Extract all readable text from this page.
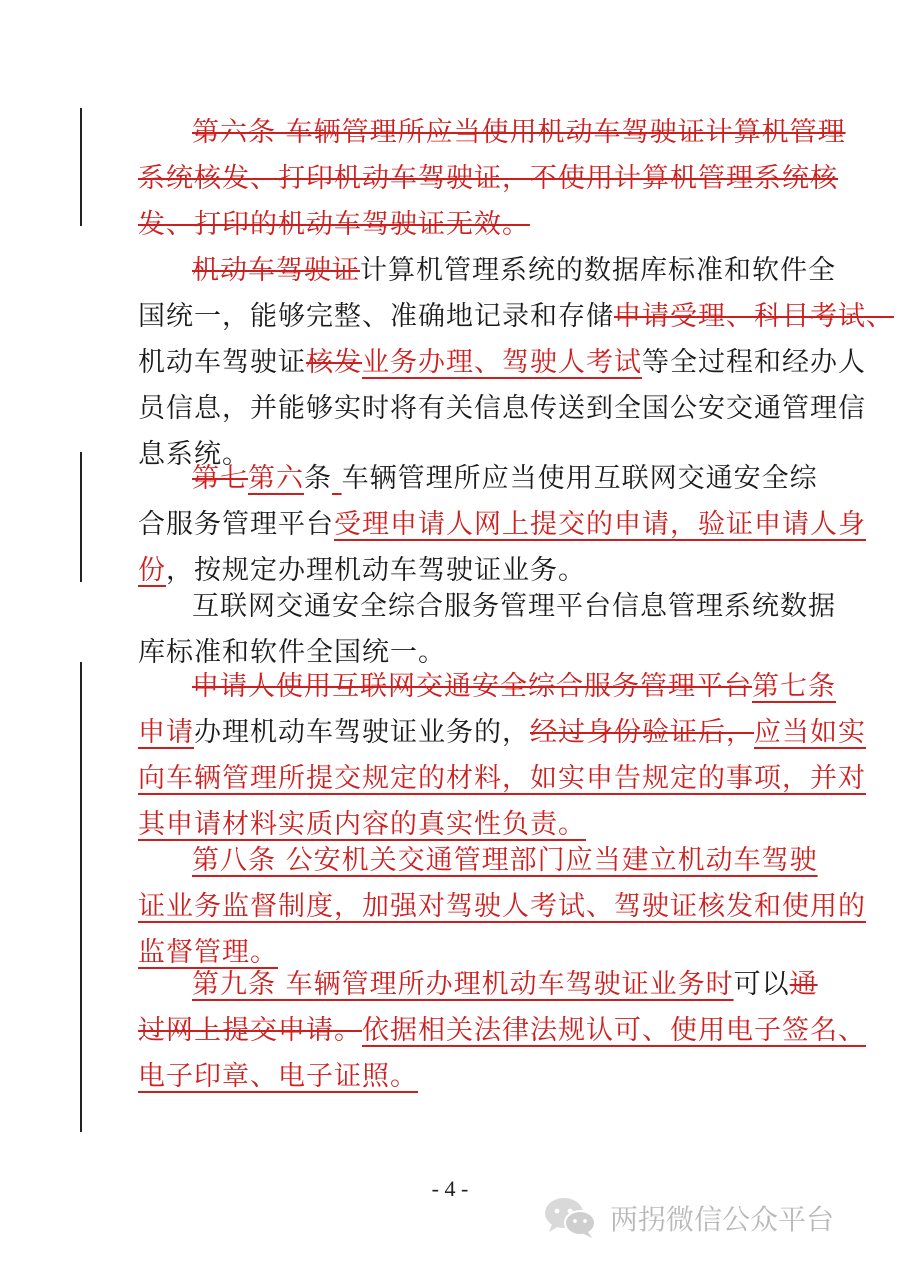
第六条 车辆管理所应当使用机动车驾驶证计算机管理
系统核发、打印机动车驾驶证，不使用计算机管理系统核
发、打印的机动车驾驶证无效。
机动车驾驶证计算机管理系统的数据库标准和软件全
国统一，能够完整、准确地记录和存储申请受理、科目考试、
机动车驾驶证核发业务办理、驾驶人考试等全过程和经办人
员信息，并能够实时将有关信息传送到全国公安交通管理信
息系统。
第七第六条 车辆管理所应当使用互联网交通安全综
合服务管理平台受理申请人网上提交的申请，验证申请人身
份，按规定办理机动车驾驶证业务。
互联网交通安全综合服务管理平台信息管理系统数据
库标准和软件全国统一。
申请人使用互联网交通安全综合服务管理平台第七条
申请办理机动车驾驶证业务的，经过身份验证后，应当如实
向车辆管理所提交规定的材料，如实申告规定的事项，并对
其申请材料实质内容的真实性负责。
第八条 公安机关交通管理部门应当建立机动车驾驶
证业务监督制度，加强对驾驶人考试、驾驶证核发和使用的
监督管理。
第九条 车辆管理所办理机动车驾驶证业务时可以通
过网上提交申请。依据相关法律法规认可、使用电子签名、
电子印章、电子证照。
- 4 -
两拐微信公众平台
